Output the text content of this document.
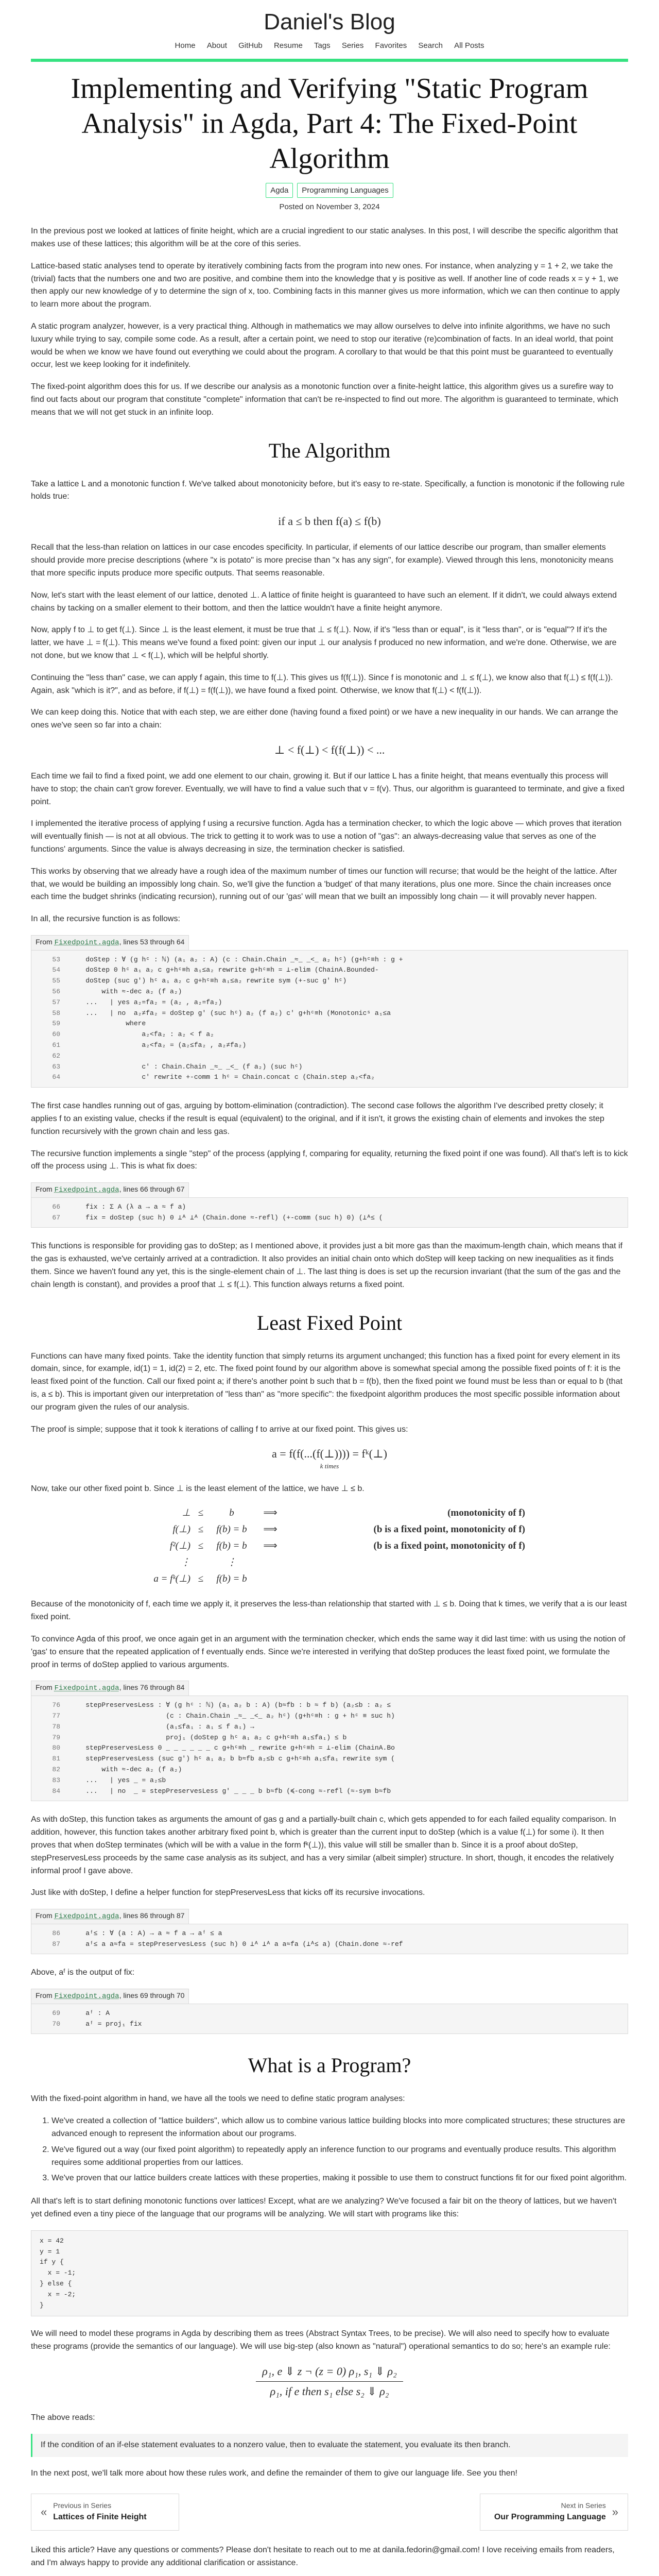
Daniel's Blog
Home About GitHub Resume Tags Series Favorites Search All Posts
Implementing and Verifying "Static Program Analysis" in Agda, Part 4: The Fixed-Point Algorithm
Agda	Programming Languages
Posted on November 3, 2024

In the previous post we looked at lattices of finite height, which are a crucial ingredient to our static analyses. In this post, I will describe the specific algorithm that makes use of these lattices; this algorithm will be at the core of this series.

Lattice-based static analyses tend to operate by iteratively combining facts from the program into new ones. For instance, when analyzing y = 1 + 2, we take the (trivial) facts that the numbers one and two are positive, and combine them into the knowledge that y is positive as well. If another line of code reads x = y + 1, we then apply our new knowledge of y to determine the sign of x, too. Combining facts in this manner gives us more information, which we can then continue to apply to learn more about the program.

A static program analyzer, however, is a very practical thing. Although in mathematics we may allow ourselves to delve into infinite algorithms, we have no such luxury while trying to say, compile some code. As a result, after a certain point, we need to stop our iterative (re)combination of facts. In an ideal world, that point would be when we know we have found out everything we could about the program. A corollary to that would be that this point must be guaranteed to eventually occur, lest we keep looking for it indefinitely.

The fixed-point algorithm does this for us. If we describe our analysis as a monotonic function over a finite-height lattice, this algorithm gives us a surefire way to find out facts about our program that constitute "complete" information that can't be re-inspected to find out more. The algorithm is guaranteed to terminate, which means that we will not get stuck in an infinite loop.

The Algorithm

Take a lattice L and a monotonic function f. We've talked about monotonicity before, but it's easy to re-state. Specifically, a function is monotonic if the following rule holds true:

if a ≤ b then f(a) ≤ f(b)

Recall that the less-than relation on lattices in our case encodes specificity. In particular, if elements of our lattice describe our program, than smaller elements should provide more precise descriptions (where "x is potato" is more precise than "x has any sign", for example). Viewed through this lens, monotonicity means that more specific inputs produce more specific outputs. That seems reasonable.

Now, let's start with the least element of our lattice, denoted ⊥. A lattice of finite height is guaranteed to have such an element. If it didn't, we could always extend chains by tacking on a smaller element to their bottom, and then the lattice wouldn't have a finite height anymore.

Now, apply f to ⊥ to get f(⊥). Since ⊥ is the least element, it must be true that ⊥ ≤ f(⊥). Now, if it's "less than or equal", is it "less than", or is "equal"? If it's the latter, we have ⊥ = f(⊥). This means we've found a fixed point: given our input ⊥ our analysis f produced no new information, and we're done. Otherwise, we are not done, but we know that ⊥ < f(⊥), which will be helpful shortly.

Continuing the "less than" case, we can apply f again, this time to f(⊥). This gives us f(f(⊥)). Since f is monotonic and ⊥ ≤ f(⊥), we know also that f(⊥) ≤ f(f(⊥)). Again, ask "which is it?", and as before, if f(⊥) = f(f(⊥)), we have found a fixed point. Otherwise, we know that f(⊥) < f(f(⊥)).

We can keep doing this. Notice that with each step, we are either done (having found a fixed point) or we have a new inequality in our hands. We can arrange the ones we've seen so far into a chain:

⊥ < f(⊥) < f(f(⊥)) < ...

Each time we fail to find a fixed point, we add one element to our chain, growing it. But if our lattice L has a finite height, that means eventually this process will have to stop; the chain can't grow forever. Eventually, we will have to find a value such that v = f(v). Thus, our algorithm is guaranteed to terminate, and give a fixed point.

I implemented the iterative process of applying f using a recursive function. Agda has a termination checker, to which the logic above — which proves that iteration will eventually finish — is not at all obvious. The trick to getting it to work was to use a notion of "gas": an always-decreasing value that serves as one of the functions' arguments. Since the value is always decreasing in size, the termination checker is satisfied.

This works by observing that we already have a rough idea of the maximum number of times our function will recurse; that would be the height of the lattice. After that, we would be building an impossibly long chain. So, we'll give the function a 'budget' of that many iterations, plus one more. Since the chain increases once each time the budget shrinks (indicating recursion), running out of our 'gas' will mean that we built an impossibly long chain — it will provably never happen.

In all, the recursive function is as follows:

From Fixedpoint.agda, lines 53 through 64
53	doStep : ∀ (g hᶜ : ℕ) (a₁ a₂ : A) (c : Chain.Chain _≈_ _<_ a₂ hᶜ) (g+hᶜ≡h : g +
54	doStep 0 hᶜ a₁ a₂ c g+hᶜ≡h a₁≤a₂ rewrite g+hᶜ≡h = ⊥-elim (ChainA.Bounded-
55	doStep (suc g') hᶜ a₁ a₂ c g+hᶜ≡h a₁≤a₂ rewrite sym (+-suc g' hᶜ)
56	with ≈-dec a₂ (f a₂)
57	...   | yes a₂=fa₂ = (a₂ , a₂=fa₂)
58	...   | no  a₂≠fa₂ = doStep g' (suc hᶜ) a₂ (f a₂) c' g+hᶜ≡h (Monotonicˢ a₁≤a
59	where
60	a₂<fa₂ : a₂ < f a₂
61	a₂<fa₂ = (a₂≤fa₂ , a₂≠fa₂)
62
63	c' : Chain.Chain _≈_ _<_ (f a₂) (suc hᶜ)
64	c' rewrite +-comm 1 hᶜ = Chain.concat c (Chain.step a₂<fa₂

The first case handles running out of gas, arguing by bottom-elimination (contradiction). The second case follows the algorithm I've described pretty closely; it applies f to an existing value, checks if the result is equal (equivalent) to the original, and if it isn't, it grows the existing chain of elements and invokes the step function recursively with the grown chain and less gas.

The recursive function implements a single "step" of the process (applying f, comparing for equality, returning the fixed point if one was found). All that's left is to kick off the process using ⊥. This is what fix does:

From Fixedpoint.agda, lines 66 through 67
66	fix : Σ A (λ a → a ≈ f a)
67	fix = doStep (suc h) 0 ⊥ᴬ ⊥ᴬ (Chain.done ≈-refl) (+-comm (suc h) 0) (⊥ᴬ≤ (

This functions is responsible for providing gas to doStep; as I mentioned above, it provides just a bit more gas than the maximum-length chain, which means that if the gas is exhausted, we've certainly arrived at a contradiction. It also provides an initial chain onto which doStep will keep tacking on new inequalities as it finds them. Since we haven't found any yet, this is the single-element chain of ⊥. The last thing is does is set up the recursion invariant (that the sum of the gas and the chain length is constant), and provides a proof that ⊥ ≤ f(⊥). This function always returns a fixed point.

Least Fixed Point

Functions can have many fixed points. Take the identity function that simply returns its argument unchanged; this function has a fixed point for every element in its domain, since, for example, id(1) = 1, id(2) = 2, etc. The fixed point found by our algorithm above is somewhat special among the possible fixed points of f: it is the least fixed point of the function. Call our fixed point a; if there's another point b such that b = f(b), then the fixed point we found must be less than or equal to b (that is, a ≤ b). This is important given our interpretation of "less than" as "more specific": the fixedpoint algorithm produces the most specific possible information about our program given the rules of our analysis.

The proof is simple; suppose that it took k iterations of calling f to arrive at our fixed point. This gives us:

a = f(f(...(f(⊥)))) = fᵏ(⊥)
k times

Now, take our other fixed point b. Since ⊥ is the least element of the lattice, we have ⊥ ≤ b.

⊥ ≤	b	⟹	(monotonicity of f)
f(⊥) ≤	f(b) = b	⟹	(b is a fixed point, monotonicity of f)
f²(⊥) ≤	f(b) = b	⟹	(b is a fixed point, monotonicity of f)
⋮	⋮
a = fᵏ(⊥) ≤	f(b) = b

Because of the monotonicity of f, each time we apply it, it preserves the less-than relationship that started with ⊥ ≤ b. Doing that k times, we verify that a is our least fixed point.

To convince Agda of this proof, we once again get in an argument with the termination checker, which ends the same way it did last time: with us using the notion of 'gas' to ensure that the repeated application of f eventually ends. Since we're interested in verifying that doStep produces the least fixed point, we formulate the proof in terms of doStep applied to various arguments.

From Fixedpoint.agda, lines 76 through 84
76	stepPreservesLess : ∀ (g hᶜ : ℕ) (a₁ a₂ b : A) (b≈fb : b ≈ f b) (a₂≤b : a₂ ≤
77	(c : Chain.Chain _≈_ _<_ a₂ hᶜ) (g+hᶜ≡h : g + hᶜ ≡ suc h)
78	(a₁≤fa₁ : a₁ ≤ f a₁) →
79	proj₁ (doStep g hᶜ a₁ a₂ c g+hᶜ≡h a₁≤fa₁) ≤ b
80	stepPreservesLess 0 _ _ _ _ _ _ c g+hᶜ≡h _ rewrite g+hᶜ≡h = ⊥-elim (ChainA.Bo
81	stepPreservesLess (suc g') hᶜ a₁ a₂ b b≈fb a₂≤b c g+hᶜ≡h a₁≤fa₁ rewrite sym (
82	with ≈-dec a₂ (f a₂)
83	...   | yes _ = a₂≤b
84	...   | no  _ = stepPreservesLess g' _ _ _ b b≈fb (≼-cong ≈-refl (≈-sym b≈fb

As with doStep, this function takes as arguments the amount of gas g and a partially-built chain c, which gets appended to for each failed equality comparison. In addition, however, this function takes another arbitrary fixed point b, which is greater than the current input to doStep (which is a value f(⊥) for some i). It then proves that when doStep terminates (which will be with a value in the form fᵏ(⊥)), this value will still be smaller than b. Since it is a proof about doStep, stepPreservesLess proceeds by the same case analysis as its subject, and has a very similar (albeit simpler) structure. In short, though, it encodes the relatively informal proof I gave above.

Just like with doStep, I define a helper function for stepPreservesLess that kicks off its recursive invocations.

From Fixedpoint.agda, lines 86 through 87
86	aᶠ≤ : ∀ (a : A) → a ≈ f a → aᶠ ≤ a
87	aᶠ≤ a a≈fa = stepPreservesLess (suc h) 0 ⊥ᴬ ⊥ᴬ a a≈fa (⊥ᴬ≤ a) (Chain.done ≈-ref

Above, aᶠ is the output of fix:

From Fixedpoint.agda, lines 69 through 70
69	aᶠ : A
70	aᶠ = proj₁ fix
What is a Program?

With the fixed-point algorithm in hand, we have all the tools we need to define static program analyses:

1. We've created a collection of "lattice builders", which allow us to combine various lattice building blocks into more complicated structures; these structures are advanced enough to represent the information about our programs.
2. We've figured out a way (our fixed point algorithm) to repeatedly apply an inference function to our programs and eventually produce results. This algorithm requires some additional properties from our lattices.
3. We've proven that our lattice builders create lattices with these properties, making it possible to use them to construct functions fit for our fixed point algorithm.

All that's left is to start defining monotonic functions over lattices! Except, what are we analyzing? We've focused a fair bit on the theory of lattices, but we haven't yet defined even a tiny piece of the language that our programs will be analyzing. We will start with programs like this:

x = 42
y = 1
if y {
x = -1;
} else {
x = -2;
}

We will need to model these programs in Agda by describing them as trees (Abstract Syntax Trees, to be precise). We will also need to specify how to evaluate these programs (provide the semantics of our language). We will use big-step (also known as "natural") operational semantics to do so; here's an example rule:

ρ₁, e ⇓ z ¬ (z = 0) ρ₁, s₁ ⇓ ρ₂
ρ₁, if e then s₁ else s₂ ⇓ ρ₂

The above reads:

If the condition of an if-else statement evaluates to a nonzero value, then to evaluate the statement, you evaluate its then branch.

In the next post, we'll talk more about how these rules work, and define the remainder of them to give our language life. See you then!

«
Previous in Series
Lattices of Finite Height
Next in Series
Our Programming Language »

Liked this article? Have any questions or comments? Please don't hesitate to reach out to me at danila.fedorin@gmail.com! I love receiving emails from readers, and I'm always happy to provide any additional clarification or assistance.
